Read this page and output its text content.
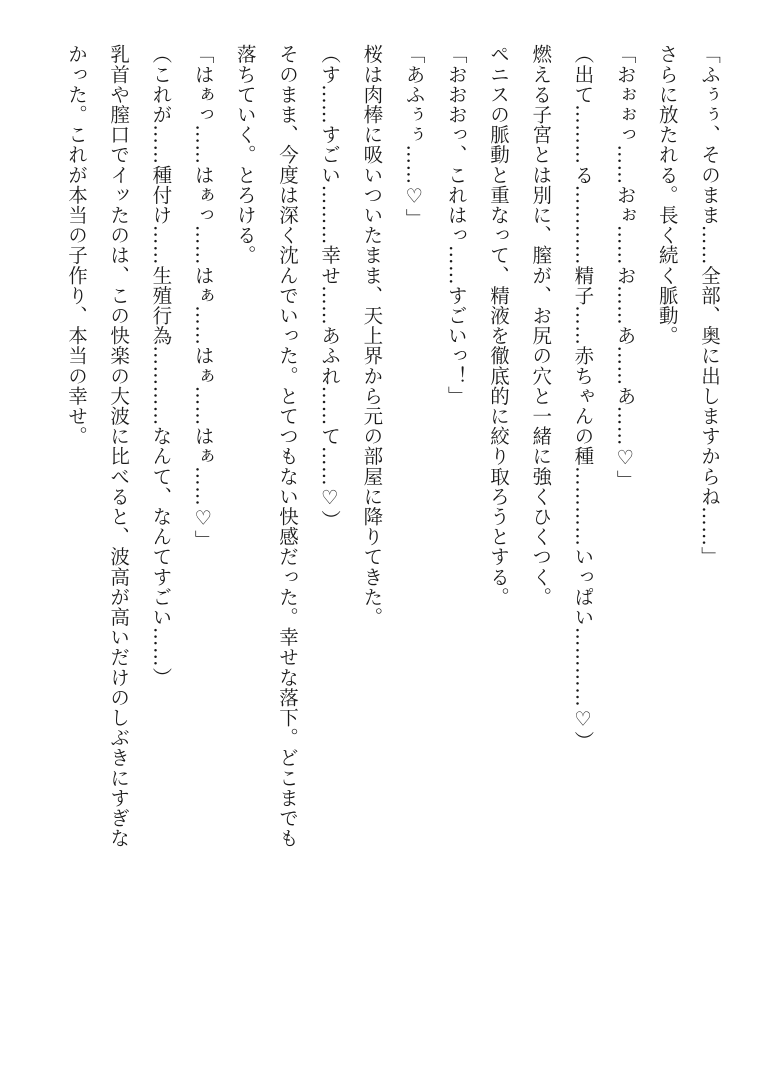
「ふぅぅ、そのまま……全部、奥に出しますからね……」
さらに放たれる。長く続く脈動。
「おぉぉっ……おぉ……お……あ……あ……♡」
（出て………る…………精子……赤ちゃんの種…………いっぱい…………♡）
燃える子宮とは別に、膣が、お尻の穴と一緒に強くひくつく。
ペニスの脈動と重なって、精液を徹底的に絞り取ろうとする。
「おおおっ、これはっ……すごいっ！」
「あふぅぅ……♡」
桜は肉棒に吸いついたまま、天上界から元の部屋に降りてきた。
（す……すごい………幸せ……あふれ……て……♡）
そのまま、今度は深く沈んでいった。とてつもない快感だった。幸せな落下。どこまでも
落ちていく。とろける。
「はぁっ……はぁっ……はぁ……はぁ……はぁ……♡」
（これが……種付け……生殖行為…………なんて、なんてすごい……）
乳首や膣口でイッたのは、この快楽の大波に比べると、波高が高いだけのしぶきにすぎな
かった。これが本当の子作り、本当の幸せ。
